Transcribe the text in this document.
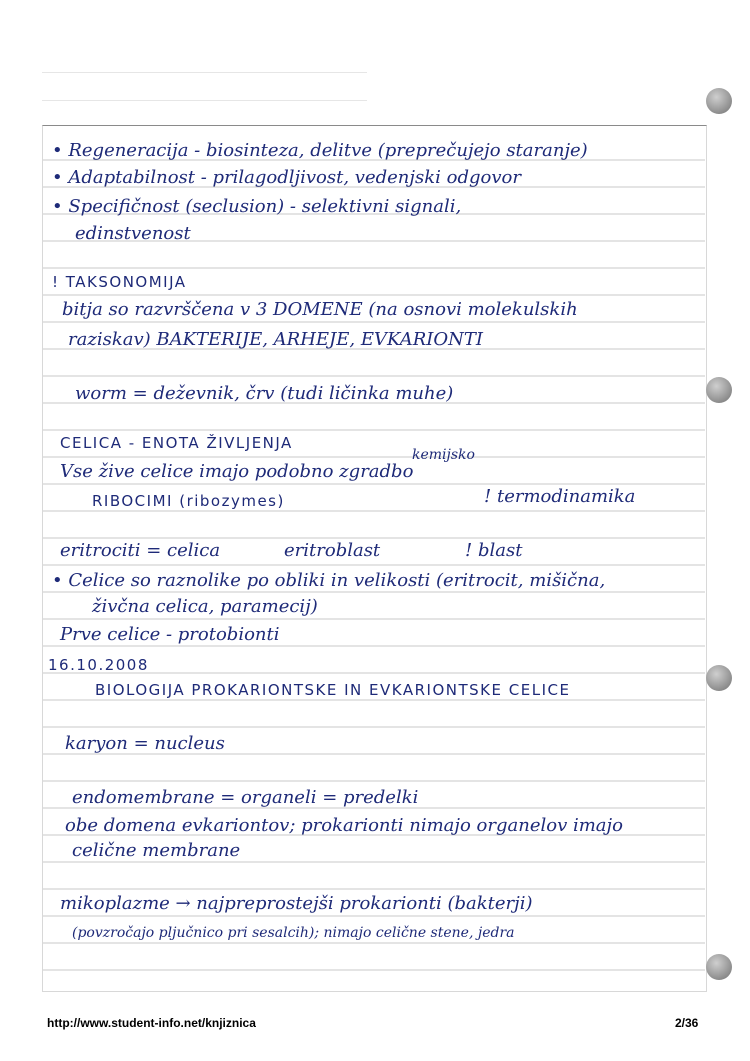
• Regeneracija - biosinteza, delitve (preprečujejo staranje)
• Adaptabilnost - prilagodljivost, vedenjski odgovor
• Specifičnost (seclusion) - selektivni signali,
edinstvenost
! TAKSONOMIJA
bitja so razvrščena v 3 DOMENE (na osnovi molekulskih
raziskav) BAKTERIJE, ARHEJE, EVKARIONTI
worm = deževnik, črv (tudi ličinka muhe)
CELICA - ENOTA ŽIVLJENJA
kemijsko
Vse žive celice imajo podobno zgradbo
RIBOCIMI (ribozymes)	! termodinamika
eritrociti = celica	eritroblast	! blast
• Celice so raznolike po obliki in velikosti (eritrocit, mišična,
živčna celica, paramecij)
Prve celice - protobionti
16.10.2008
BIOLOGIJA PROKARIONTSKE IN EVKARIONTSKE CELICE
karyon = nucleus
endomembrane = organeli = predelki
obe domena evkariontov; prokarionti nimajo organelov imajo
celične membrane
mikoplazme → najpreprostejši prokarionti (bakterji)
(povzročajo pljučnico pri sesalcih); nimajo celične stene, jedra
http://www.student-info.net/knjiznica	2/36
